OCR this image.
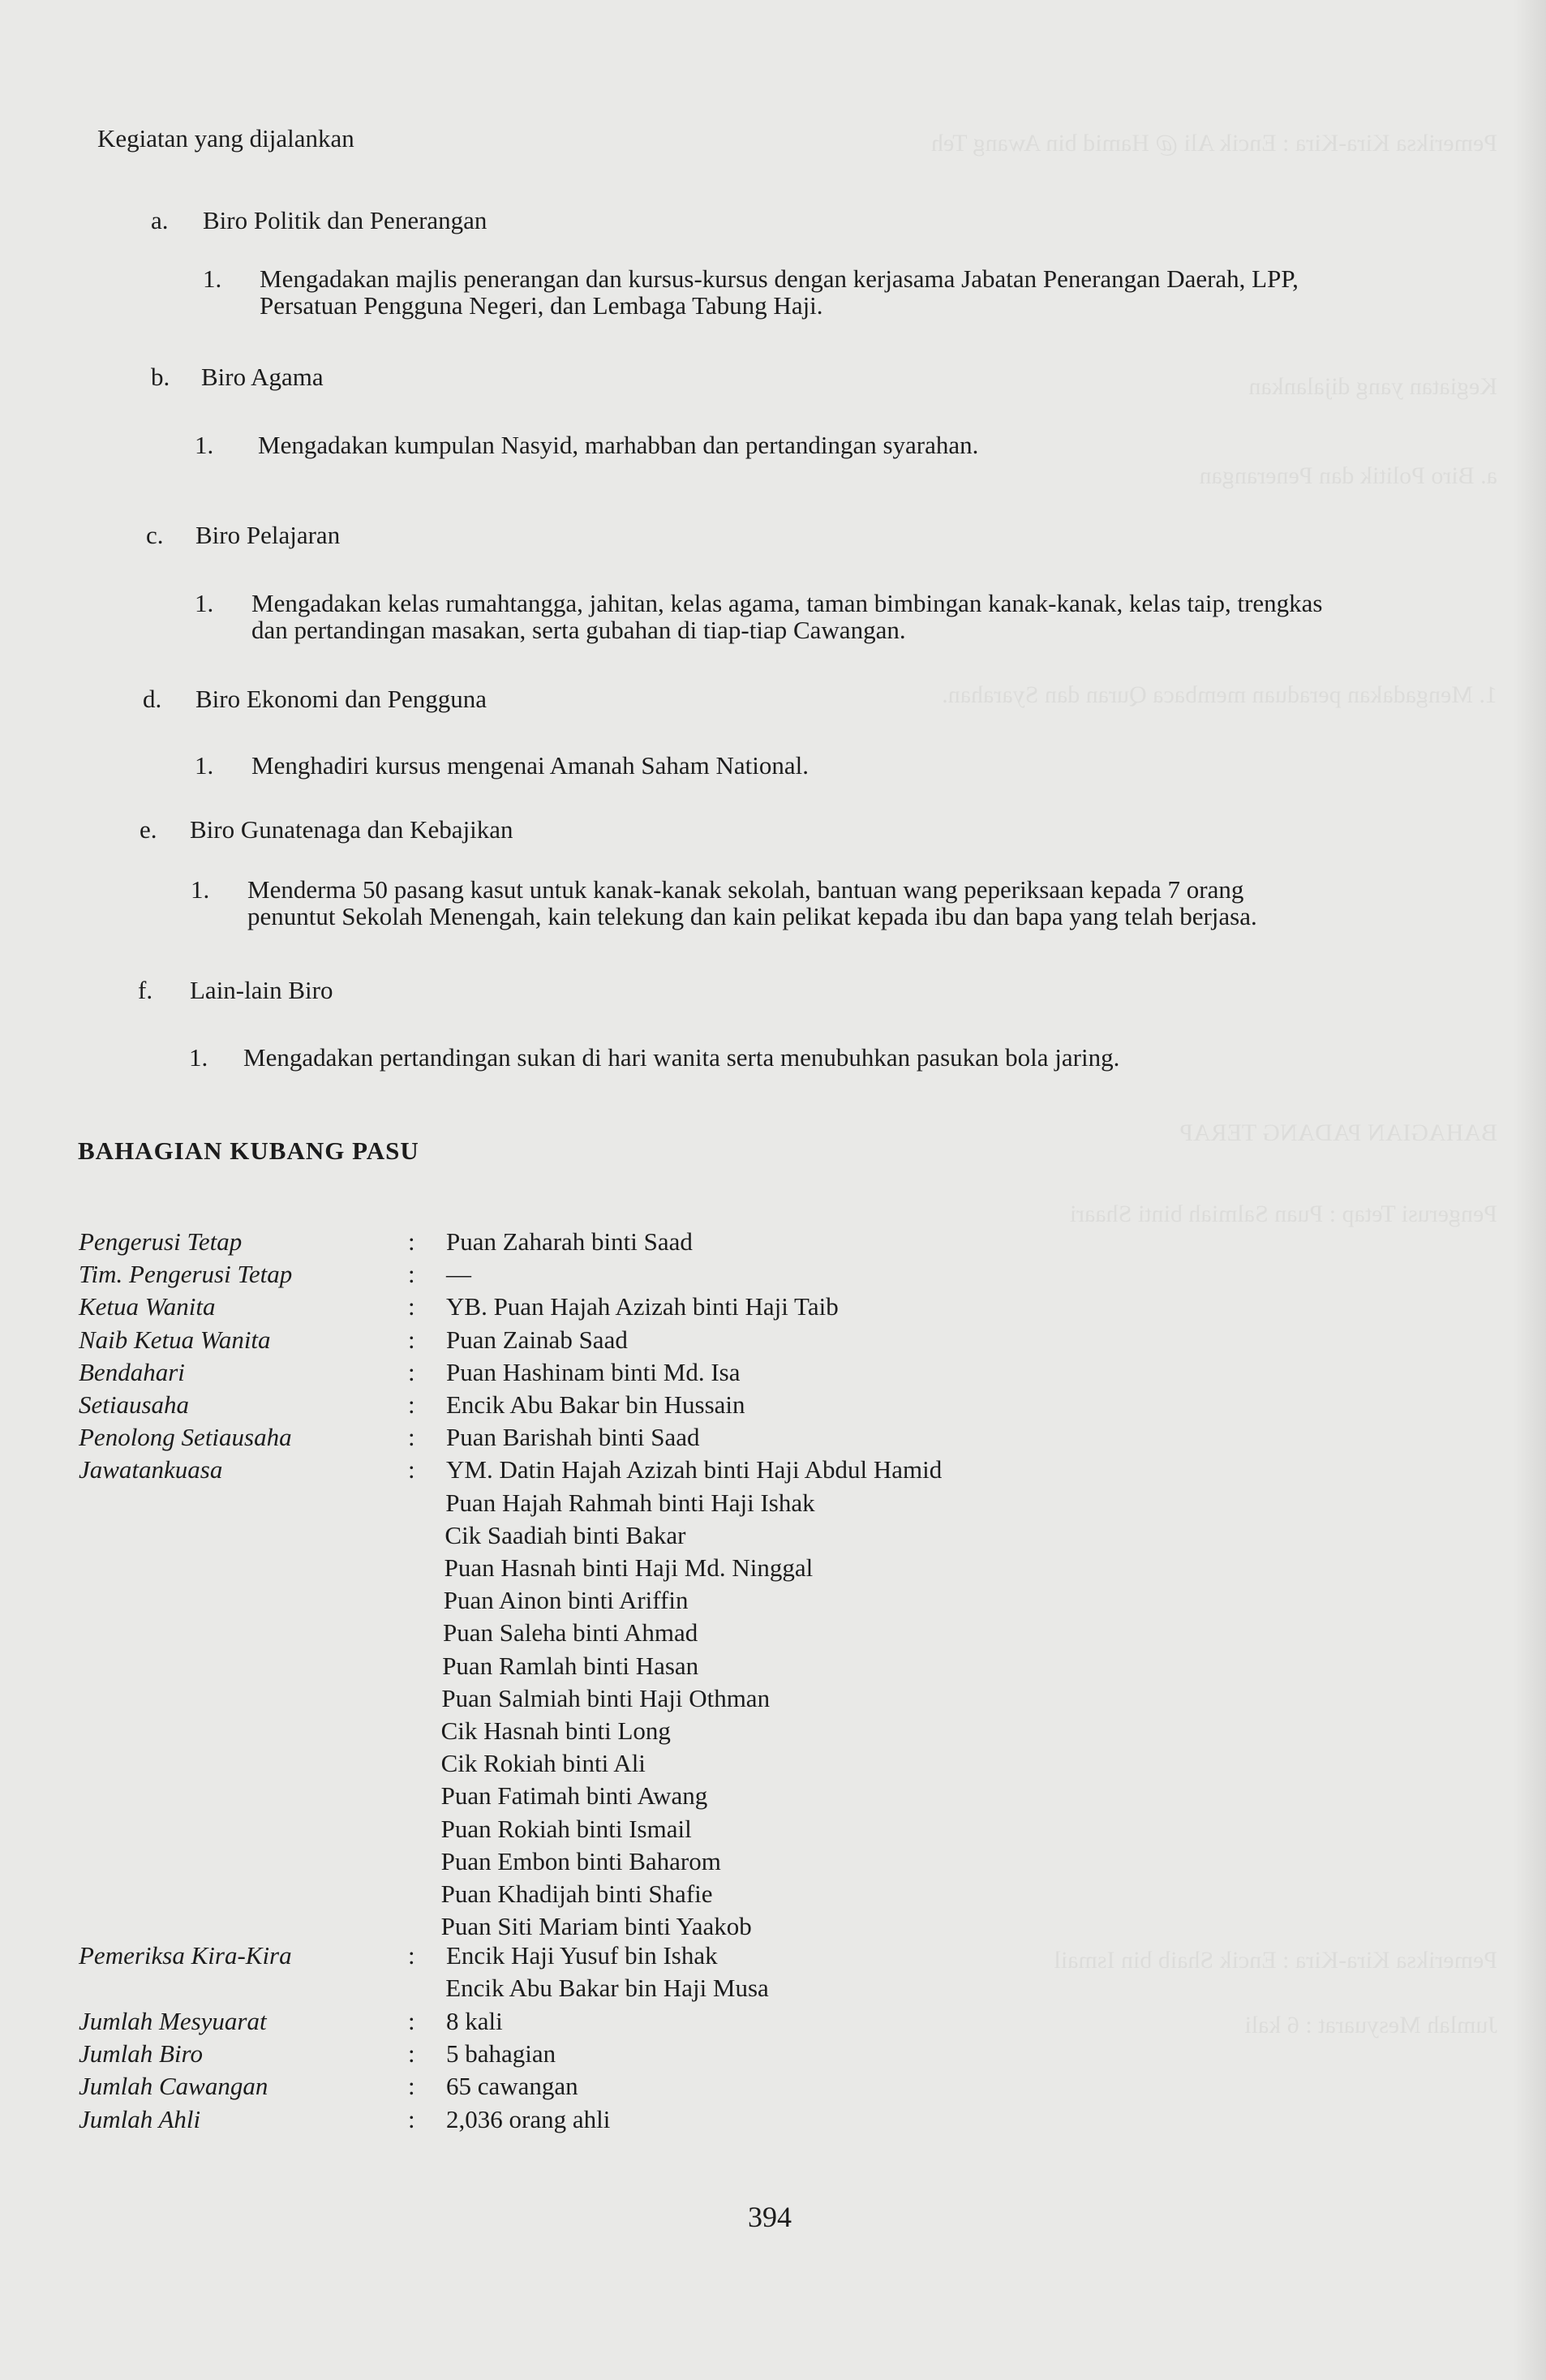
Pemeriksa Kira-Kira : Encik Ali @ Hamid bin Awang Teh
Kegiatan yang dijalankan
a. Biro Politik dan Penerangan
1. Mengadakan peraduan membaca Quran dan Syarahan.
BAHAGIAN PADANG TERAP
Pengerusi Tetap : Puan Salmiah binti Shaari
Pemeriksa Kira-Kira : Encik Shaib bin Ismail
Jumlah Mesyuarat : 6 kali
Kegiatan yang dijalankan
a. Biro Politik dan Penerangan
1. Mengadakan majlis penerangan dan kursus-kursus dengan kerjasama Jabatan Penerangan Daerah, LPP,
Persatuan Pengguna Negeri, dan Lembaga Tabung Haji.
b. Biro Agama
1. Mengadakan kumpulan Nasyid, marhabban dan pertandingan syarahan.
c. Biro Pelajaran
1. Mengadakan kelas rumahtangga, jahitan, kelas agama, taman bimbingan kanak-kanak, kelas taip, trengkas
dan pertandingan masakan, serta gubahan di tiap-tiap Cawangan.
d. Biro Ekonomi dan Pengguna
1. Menghadiri kursus mengenai Amanah Saham National.
e. Biro Gunatenaga dan Kebajikan
1. Menderma 50 pasang kasut untuk kanak-kanak sekolah, bantuan wang peperiksaan kepada 7 orang
penuntut Sekolah Menengah, kain telekung dan kain pelikat kepada ibu dan bapa yang telah berjasa.
f. Lain-lain Biro
1. Mengadakan pertandingan sukan di hari wanita serta menubuhkan pasukan bola jaring.
BAHAGIAN KUBANG PASU
Pengerusi Tetap	: Puan Zaharah binti Saad
Tim. Pengerusi Tetap	: —
Ketua Wanita	: YB. Puan Hajah Azizah binti Haji Taib
Naib Ketua Wanita	: Puan Zainab Saad
Bendahari	: Puan Hashinam binti Md. Isa
Setiausaha	: Encik Abu Bakar bin Hussain
Penolong Setiausaha	: Puan Barishah binti Saad
Jawatankuasa	: YM. Datin Hajah Azizah binti Haji Abdul Hamid
Puan Hajah Rahmah binti Haji Ishak
Cik Saadiah binti Bakar
Puan Hasnah binti Haji Md. Ninggal
Puan Ainon binti Ariffin
Puan Saleha binti Ahmad
Puan Ramlah binti Hasan
Puan Salmiah binti Haji Othman
Cik Hasnah binti Long
Cik Rokiah binti Ali
Puan Fatimah binti Awang
Puan Rokiah binti Ismail
Puan Embon binti Baharom
Puan Khadijah binti Shafie
Puan Siti Mariam binti Yaakob
Pemeriksa Kira-Kira	: Encik Haji Yusuf bin Ishak
Encik Abu Bakar bin Haji Musa
Jumlah Mesyuarat	: 8 kali
Jumlah Biro	: 5 bahagian
Jumlah Cawangan	: 65 cawangan
Jumlah Ahli	: 2,036 orang ahli
394
